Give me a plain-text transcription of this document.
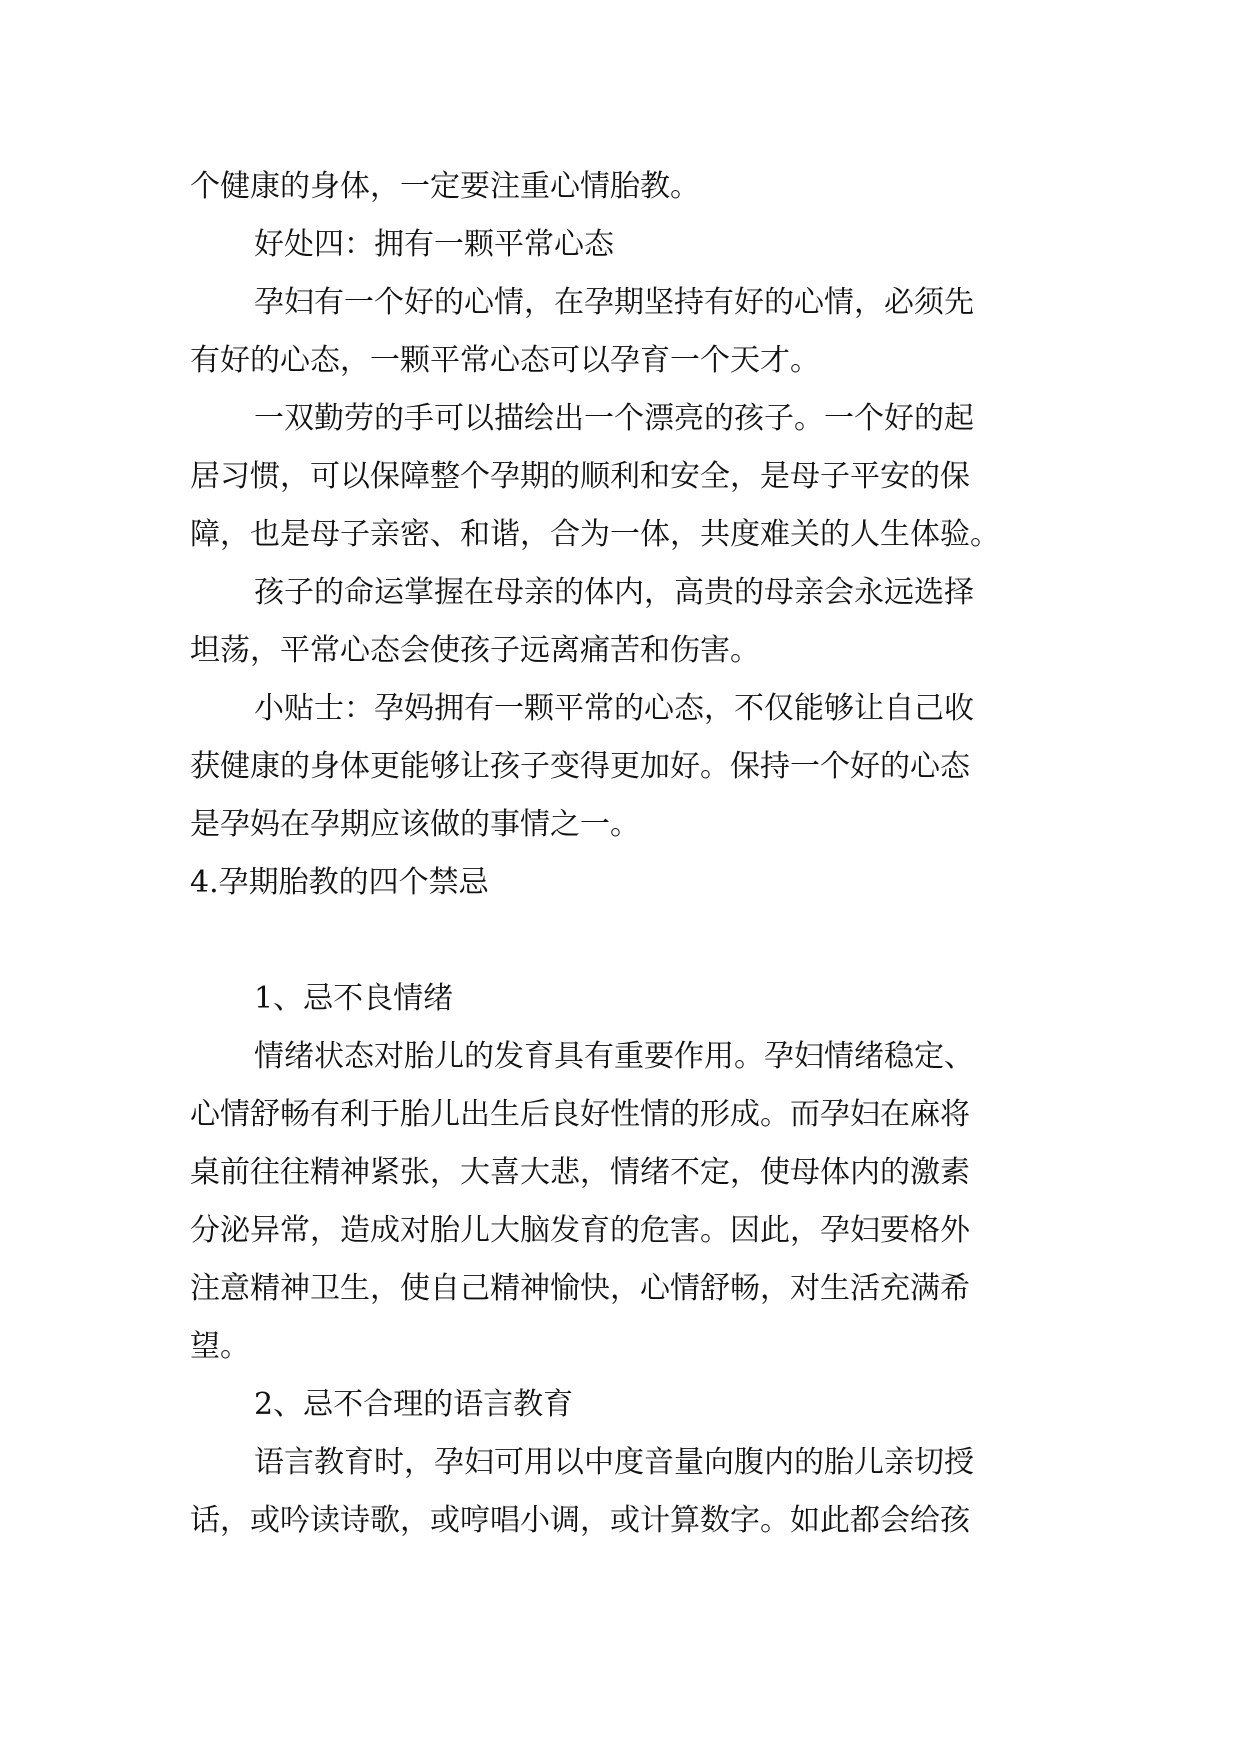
个健康的身体，一定要注重心情胎教。
好处四：拥有一颗平常心态
孕妇有一个好的心情，在孕期坚持有好的心情，必须先
有好的心态，一颗平常心态可以孕育一个天才。
一双勤劳的手可以描绘出一个漂亮的孩子。一个好的起
居习惯，可以保障整个孕期的顺利和安全，是母子平安的保
障，也是母子亲密、和谐，合为一体，共度难关的人生体验。
孩子的命运掌握在母亲的体内，高贵的母亲会永远选择
坦荡，平常心态会使孩子远离痛苦和伤害。
小贴士：孕妈拥有一颗平常的心态，不仅能够让自己收
获健康的身体更能够让孩子变得更加好。保持一个好的心态
是孕妈在孕期应该做的事情之一。
4.孕期胎教的四个禁忌
1、忌不良情绪
情绪状态对胎儿的发育具有重要作用。孕妇情绪稳定、
心情舒畅有利于胎儿出生后良好性情的形成。而孕妇在麻将
桌前往往精神紧张，大喜大悲，情绪不定，使母体内的激素
分泌异常，造成对胎儿大脑发育的危害。因此，孕妇要格外
注意精神卫生，使自己精神愉快，心情舒畅，对生活充满希
望。
2、忌不合理的语言教育
语言教育时，孕妇可用以中度音量向腹内的胎儿亲切授
话，或吟读诗歌，或哼唱小调，或计算数字。如此都会给孩
